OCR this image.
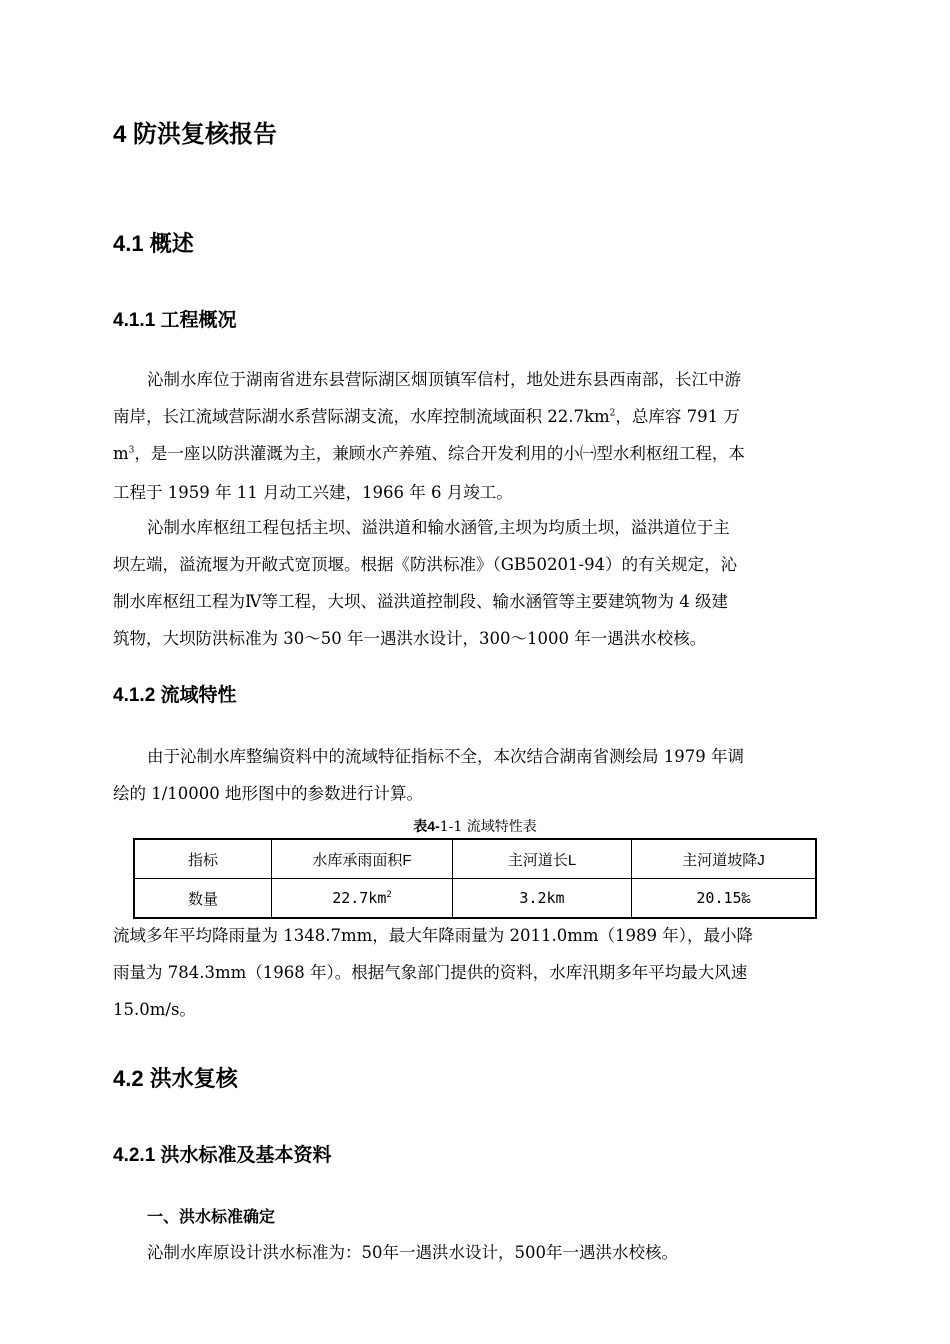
4 防洪复核报告
4.1 概述
4.1.1 工程概况
沁制水库位于湖南省进东县营际湖区烟顶镇军信村，地处进东县西南部，长江中游
南岸，长江流域营际湖水系营际湖支流，水库控制流域面积 $22.7km^2$，总库容 791 万
$m^3$，是一座以防洪灌溉为主，兼顾水产养殖、综合开发利用的小㈠型水利枢纽工程，本
工程于 1959 年 11 月动工兴建，1966 年 6 月竣工。
沁制水库枢纽工程包括主坝、溢洪道和输水涵管,主坝为均质土坝，溢洪道位于主
坝左端，溢流堰为开敞式宽顶堰。根据《防洪标准》（GB50201-94）的有关规定，沁
制水库枢纽工程为Ⅳ等工程，大坝、溢洪道控制段、输水涵管等主要建筑物为 4 级建
筑物，大坝防洪标准为 30～50 年一遇洪水设计，300～1000 年一遇洪水校核。
4.1.2 流域特性
由于沁制水库整编资料中的流域特征指标不全，本次结合湖南省测绘局 1979 年调
绘的 1/10000 地形图中的参数进行计算。
表4-1-1 流域特性表
指标	水库承雨面积F	主河道长L	主河道坡降J
数量	$22.7km^2$	3.2km	20.15‰
流域多年平均降雨量为 1348.7mm，最大年降雨量为 2011.0mm（1989 年），最小降
雨量为 784.3mm（1968 年）。根据气象部门提供的资料，水库汛期多年平均最大风速
15.0m/s。
4.2 洪水复核
4.2.1 洪水标准及基本资料
一、洪水标准确定
沁制水库原设计洪水标准为：50年一遇洪水设计，500年一遇洪水校核。
